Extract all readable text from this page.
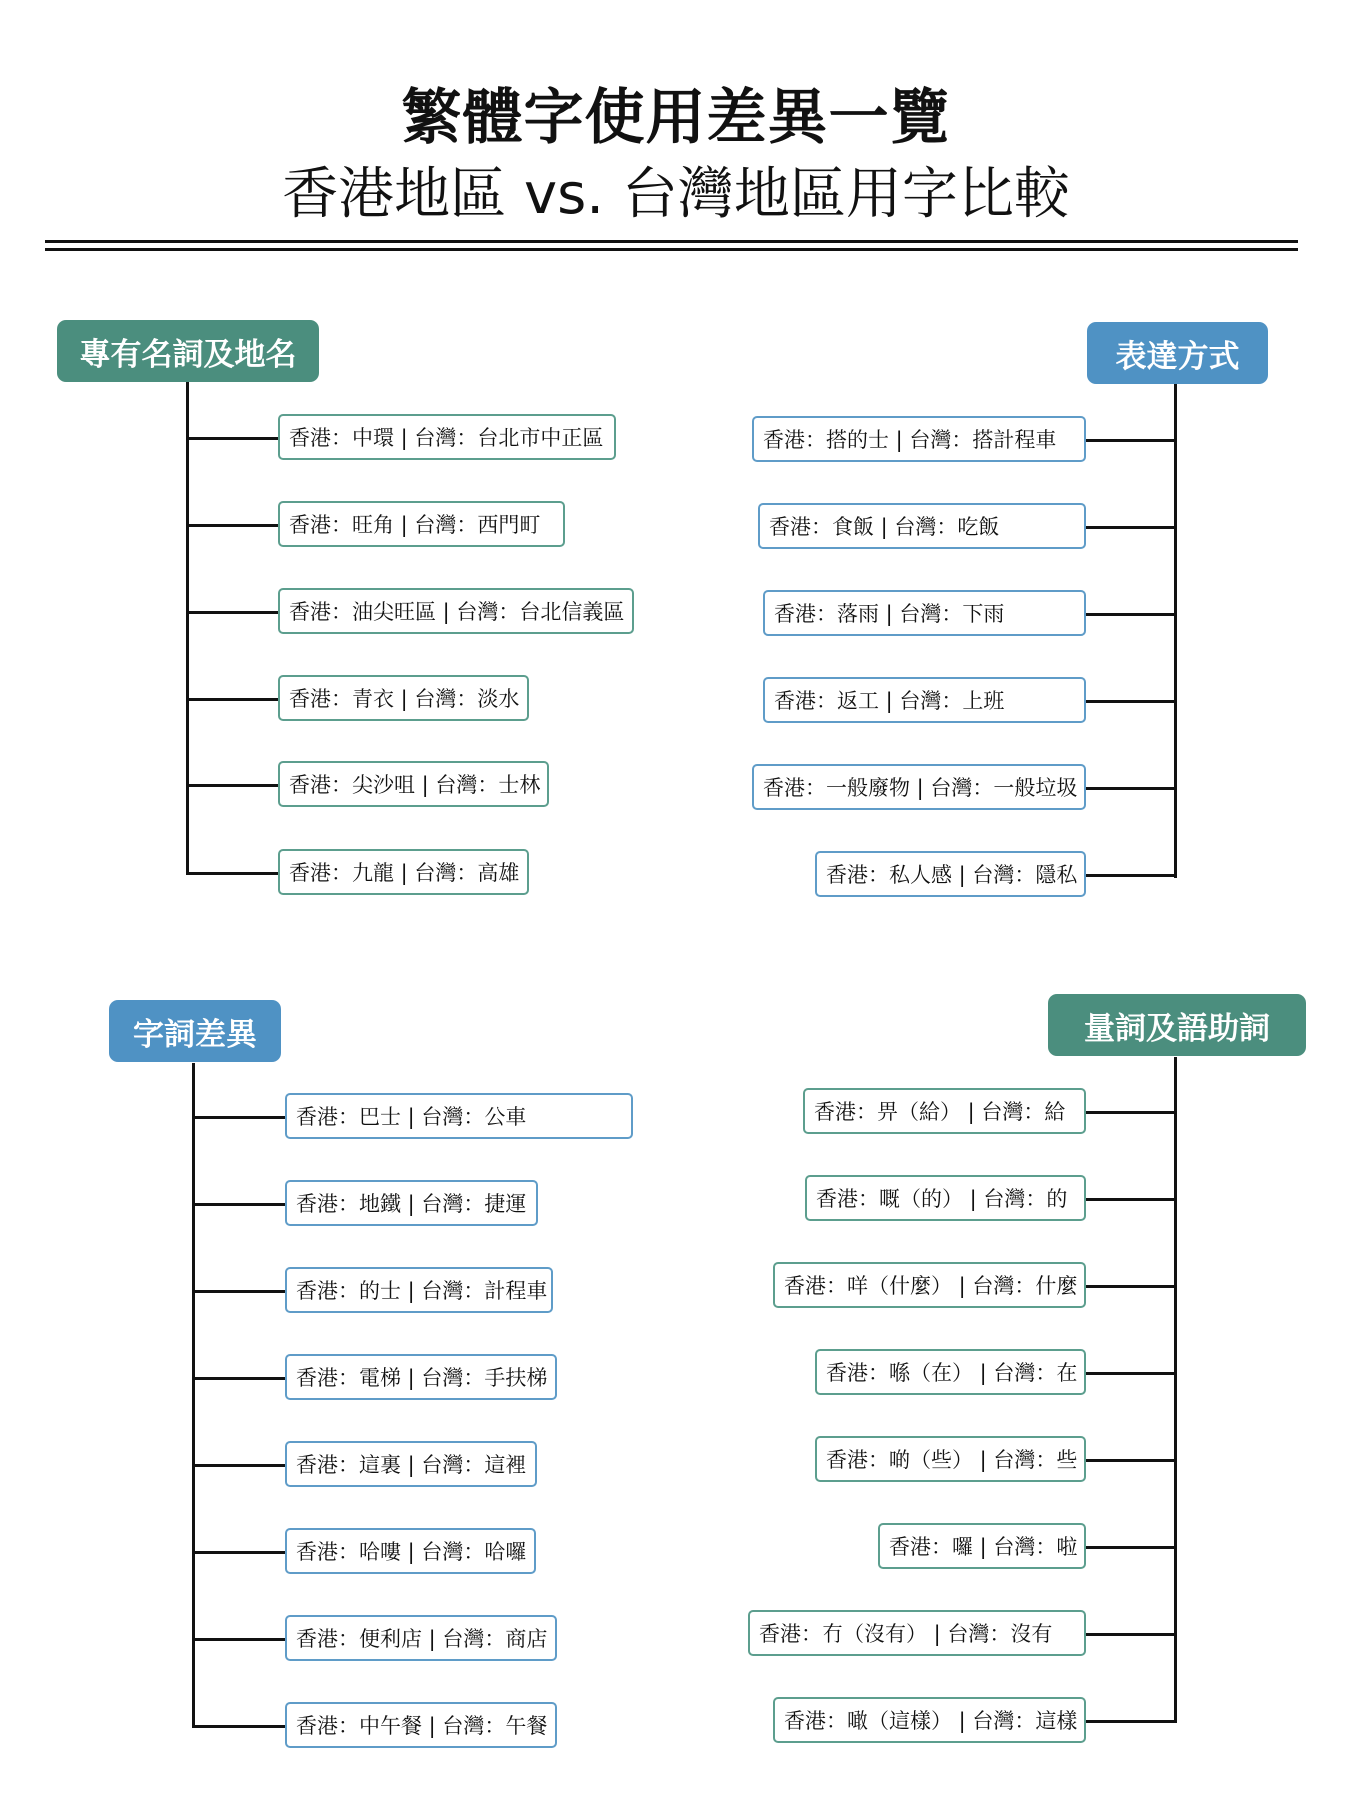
繁體字使用差異一覽
香港地區 vs. 台灣地區用字比較
專有名詞及地名
香港：中環 | 台灣：台北市中正區
香港：旺角 | 台灣：西門町
香港：油尖旺區 | 台灣：台北信義區
香港：青衣 | 台灣：淡水
香港：尖沙咀 | 台灣：士林
香港：九龍 | 台灣：高雄
表達方式
香港：搭的士 | 台灣：搭計程車
香港：食飯 | 台灣：吃飯
香港：落雨 | 台灣：下雨
香港：返工 | 台灣：上班
香港：一般廢物 | 台灣：一般垃圾
香港：私人感 | 台灣：隱私
字詞差異
香港：巴士 | 台灣：公車
香港：地鐵 | 台灣：捷運
香港：的士 | 台灣：計程車
香港：電梯 | 台灣：手扶梯
香港：這裏 | 台灣：這裡
香港：哈嘍 | 台灣：哈囉
香港：便利店 | 台灣：商店
香港：中午餐 | 台灣：午餐
量詞及語助詞
香港：畀（給） | 台灣：給
香港：嘅（的） | 台灣：的
香港：咩（什麼） | 台灣：什麼
香港：喺（在） | 台灣：在
香港：啲（些） | 台灣：些
香港：囉 | 台灣：啦
香港：冇（沒有） | 台灣：沒有
香港：噉（這樣） | 台灣：這樣
